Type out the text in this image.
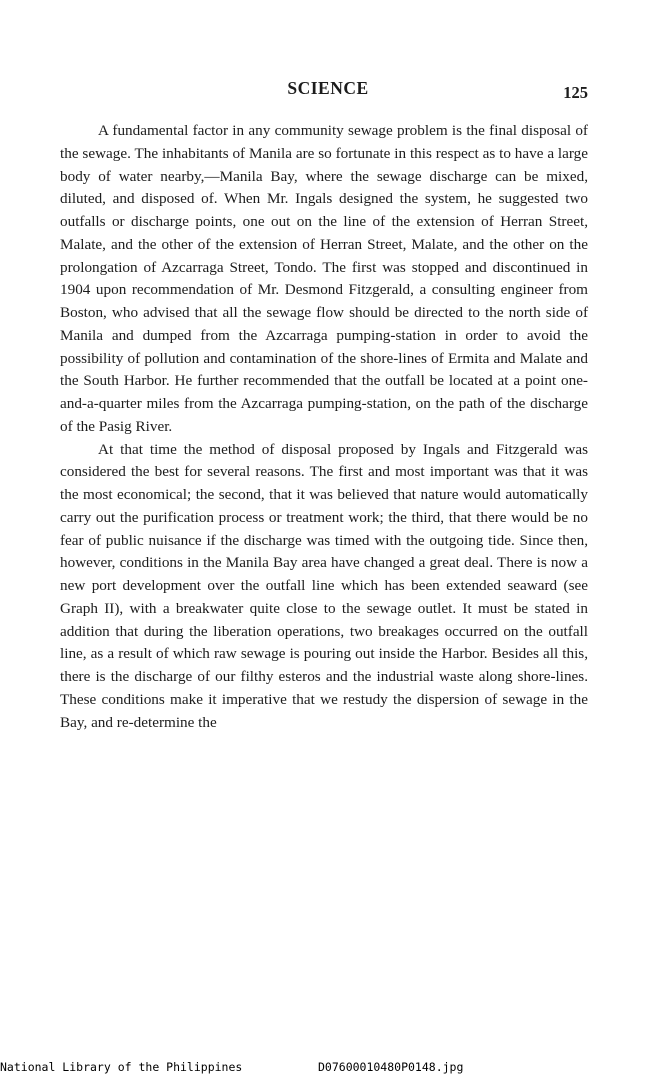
SCIENCE	125

A fundamental factor in any community sewage problem is the final disposal of the sewage. The inhabitants of Manila are so fortunate in this respect as to have a large body of water nearby,—Manila Bay, where the sewage discharge can be mixed, diluted, and disposed of. When Mr. Ingals designed the system, he suggested two outfalls or discharge points, one out on the line of the extension of Herran Street, Malate, and the other of the extension of Herran Street, Malate, and the other on the prolongation of Azcarraga Street, Tondo. The first was stopped and discontinued in 1904 upon recommendation of Mr. Desmond Fitzgerald, a consulting engineer from Boston, who advised that all the sewage flow should be directed to the north side of Manila and dumped from the Azcarraga pumping-station in order to avoid the possibility of pollution and contamination of the shore-lines of Ermita and Malate and the South Harbor. He further recommended that the outfall be located at a point one-and-a-quarter miles from the Azcarraga pumping-station, on the path of the discharge of the Pasig River.

At that time the method of disposal proposed by Ingals and Fitzgerald was considered the best for several reasons. The first and most important was that it was the most economical; the second, that it was believed that nature would automatically carry out the purification process or treatment work; the third, that there would be no fear of public nuisance if the discharge was timed with the outgoing tide. Since then, however, conditions in the Manila Bay area have changed a great deal. There is now a new port development over the outfall line which has been extended seaward (see Graph II), with a breakwater quite close to the sewage outlet. It must be stated in addition that during the liberation operations, two breakages occurred on the outfall line, as a result of which raw sewage is pouring out inside the Harbor. Besides all this, there is the discharge of our filthy esteros and the industrial waste along shore-lines. These conditions make it imperative that we restudy the dispersion of sewage in the Bay, and re-determine the

National Library of the Philippines

	D07600010480P0148.jpg
